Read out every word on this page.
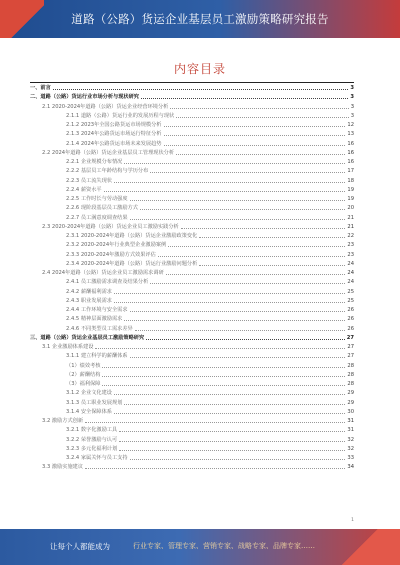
道路（公路）货运企业基层员工激励策略研究报告
内容目录
一、前言	3
二、道路（公路）货运行业市场分析与现状研究	3
2.1 2020-2024年道路（公路）货运企业经营环境分析	3
2.1.1 道路（公路）货运行业的发展历程与现状	3
2.1.2 2023年全国公路货运市场规模分析	12
2.1.3 2024年公路货运市场运行特征分析	13
2.1.4 2024年公路货运市场未来发展趋势	16
2.2 2024年道路（公路）货运企业基层员工管理现状分析	16
2.2.1 企业规模分布情况	16
2.2.2 基层员工年龄结构与学历分布	17
2.2.3 员工流失现状	18
2.2.4 薪资水平	19
2.2.5 工作时长与劳动强度	19
2.2.6 现阶段基层员工激励方式	20
2.2.7 员工满意度调查结果	21
2.3 2020-2024年道路（公路）货运企业员工激励实践分析	21
2.3.1 2020-2024年道路（公路）货运企业激励政策变化	22
2.3.2 2020-2024年行业典型企业激励案例	23
2.3.3 2020-2024年激励方式效果评估	23
2.3.4 2020-2024年道路（公路）货运行业激励问题分析	24
2.4 2024年道路（公路）货运企业员工激励需求调研	24
2.4.1 员工激励需求调查及结果分析	24
2.4.2 薪酬福利需求	25
2.4.3 职业发展需求	25
2.4.4 工作环境与安全需求	26
2.4.5 精神层面激励需求	26
2.4.6 不同类型员工需求差异	26
三、道路（公路）货运企业基层员工激励策略研究	27
3.1 企业激励体系建设	27
3.1.1 建立科学的薪酬体系	27
（1）绩效考核	28
（2）薪酬结构	28
（3）福利保障	28
3.1.2 企业文化建设	29
3.1.3 员工职业发展规划	29
3.1.4 安全保障体系	30
3.2 激励方式创新	31
3.2.1 数字化激励工具	31
3.2.2 荣誉激励与认可	32
3.2.3 多元化福利计划	32
3.2.4 家属关怀与员工支持	33
3.3 激励实施建议	34
1
让每个人都能成为	行业专家、管理专家、营销专家、战略专家、品牌专家……
